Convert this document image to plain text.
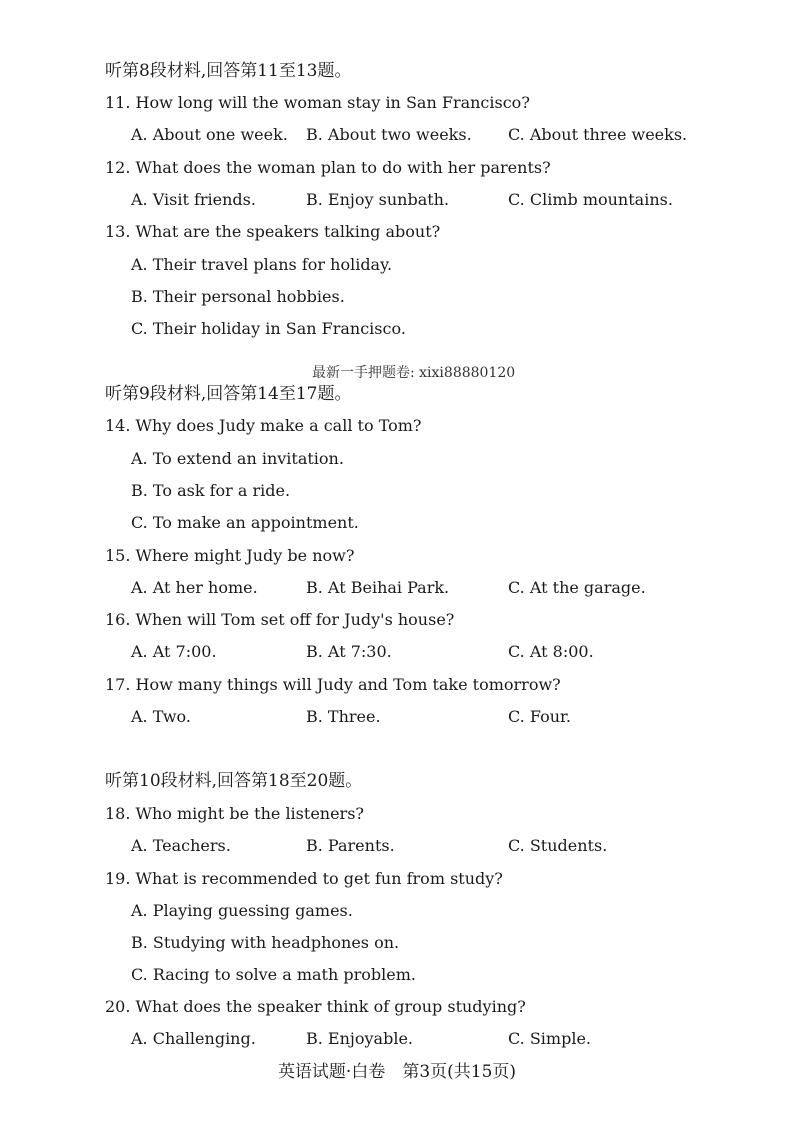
听第8段材料,回答第11至13题。
11. How long will the woman stay in San Francisco?
A. About one week. B. About two weeks. C. About three weeks.
12. What does the woman plan to do with her parents?
A. Visit friends.	B. Enjoy sunbath.	C. Climb mountains.
13. What are the speakers talking about?
A. Their travel plans for holiday.
B. Their personal hobbies.
C. Their holiday in San Francisco.
最新一手押题卷: xixi88880120
听第9段材料,回答第14至17题。
14. Why does Judy make a call to Tom?
A. To extend an invitation.
B. To ask for a ride.
C. To make an appointment.
15. Where might Judy be now?
A. At her home.	B. At Beihai Park.	C. At the garage.
16. When will Tom set off for Judy's house?
A. At 7:00.	B. At 7:30.	C. At 8:00.
17. How many things will Judy and Tom take tomorrow?
A. Two.	B. Three.	C. Four.
听第10段材料,回答第18至20题。
18. Who might be the listeners?
A. Teachers.	B. Parents.	C. Students.
19. What is recommended to get fun from study?
A. Playing guessing games.
B. Studying with headphones on.
C. Racing to solve a math problem.
20. What does the speaker think of group studying?
A. Challenging.	B. Enjoyable.	C. Simple.
英语试题·白卷　第3页(共15页)
